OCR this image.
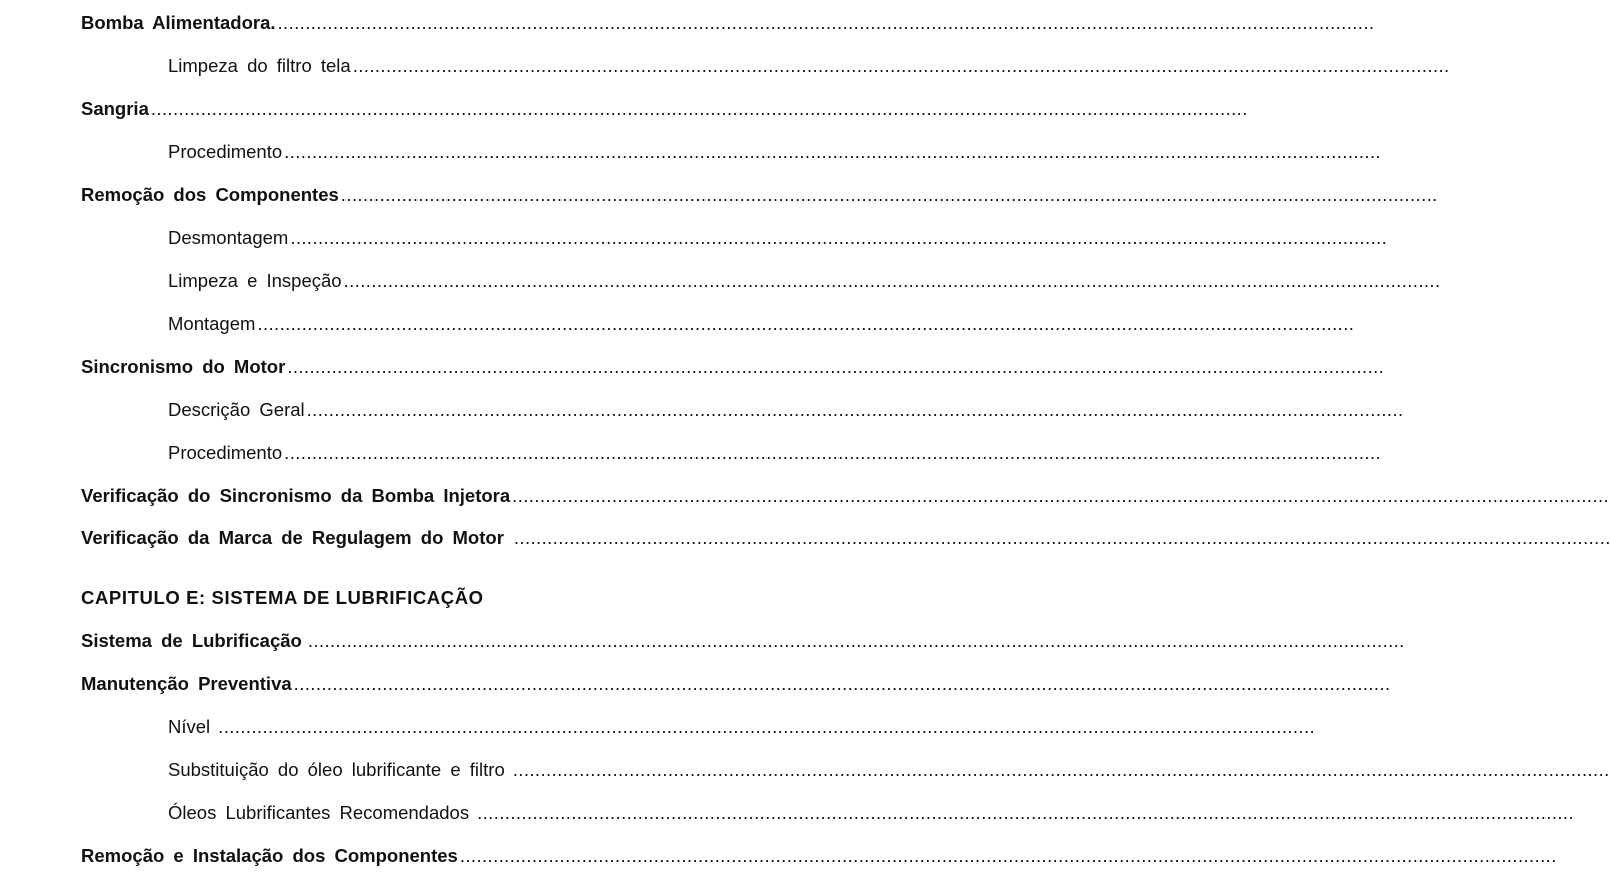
Bomba Alimentadora. ......................................................................................................................................................................................................
Limpeza do filtro tela ......................................................................................................................................................................................................
Sangria ......................................................................................................................................................................................................
Procedimento ......................................................................................................................................................................................................
Remoção dos Componentes ......................................................................................................................................................................................................
Desmontagem ......................................................................................................................................................................................................
Limpeza e Inspeção ......................................................................................................................................................................................................
Montagem ......................................................................................................................................................................................................
Sincronismo do Motor ......................................................................................................................................................................................................
Descrição Geral ......................................................................................................................................................................................................
Procedimento ......................................................................................................................................................................................................
Verificação do Sincronismo da Bomba Injetora ......................................................................................................................................................................................................
Verificação da Marca de Regulagem do Motor ......................................................................................................................................................................................................
CAPITULO E: SISTEMA DE LUBRIFICAÇÃO
Sistema de Lubrificação ......................................................................................................................................................................................................
Manutenção Preventiva ......................................................................................................................................................................................................
Nível ......................................................................................................................................................................................................
Substituição do óleo lubrificante e filtro ......................................................................................................................................................................................................
Óleos Lubrificantes Recomendados ......................................................................................................................................................................................................
Remoção e Instalação dos Componentes ......................................................................................................................................................................................................
